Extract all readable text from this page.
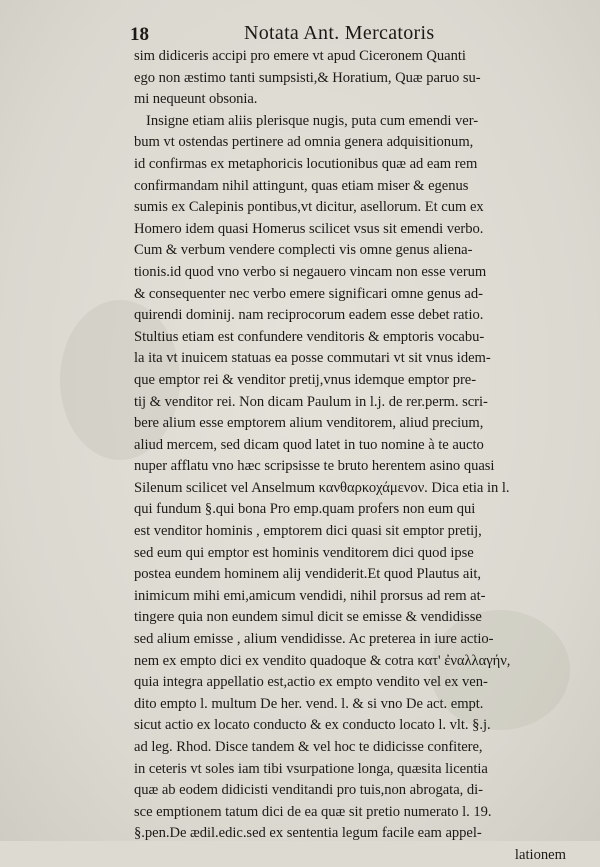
18	Notata Ant. Mercatoris
sim didiceris accipi pro emere vt apud Ciceronem Quanti
ego non æstimo tanti sumpsisti,& Horatium, Quæ paruo su-
mi nequeunt obsonia.
Insigne etiam aliis plerisque nugis, puta cum emendi ver-
bum vt ostendas pertinere ad omnia genera adquisitionum,
id confirmas ex metaphoricis locutionibus quæ ad eam rem
confirmandam nihil attingunt, quas etiam miser & egenus
sumis ex Calepinis pontibus,vt dicitur, asellorum. Et cum ex
Homero idem quasi Homerus scilicet vsus sit emendi verbo.
Cum & verbum vendere complecti vis omne genus aliena-
tionis.id quod vno verbo si negauero vincam non esse verum
& consequenter nec verbo emere significari omne genus ad-
quirendi dominij. nam reciprocorum eadem esse debet ratio.
Stultius etiam est confundere venditoris & emptoris vocabu-
la ita vt inuicem statuas ea posse commutari vt sit vnus idem-
que emptor rei & venditor pretij,vnus idemque emptor pre-
tij & venditor rei. Non dicam Paulum in l.j. de rer.perm. scri-
bere alium esse emptorem alium venditorem, aliud precium,
aliud mercem, sed dicam quod latet in tuo nomine à te aucto
nuper afflatu vno hæc scripsisse te bruto herentem asino quasi
Silenum scilicet vel Anselmum κανθαρκοχάμενον. Dica etia in l.
qui fundum §.qui bona Pro emp.quam profers non eum qui
est venditor hominis , emptorem dici quasi sit emptor pretij,
sed eum qui emptor est hominis venditorem dici quod ipse
postea eundem hominem alij vendiderit.Et quod Plautus ait,
inimicum mihi emi,amicum vendidi, nihil prorsus ad rem at-
tingere quia non eundem simul dicit se emisse & vendidisse
sed alium emisse , alium vendidisse. Ac preterea in iure actio-
nem ex empto dici ex vendito quadoque & cotra κατ' ἐναλλαγήν,
quia integra appellatio est,actio ex empto vendito vel ex ven-
dito empto l. multum De her. vend. l. & si vno De act. empt.
sicut actio ex locato conducto & ex conducto locato l. vlt. §.j.
ad leg. Rhod. Disce tandem & vel hoc te didicisse confitere,
in ceteris vt soles iam tibi vsurpatione longa, quæsita licentia
quæ ab eodem didicisti venditandi pro tuis,non abrogata, di-
sce emptionem tatum dici de ea quæ sit pretio numerato l. 19.
§.pen.De ædil.edic.sed ex sententia legum facile eam appel-
lationem
